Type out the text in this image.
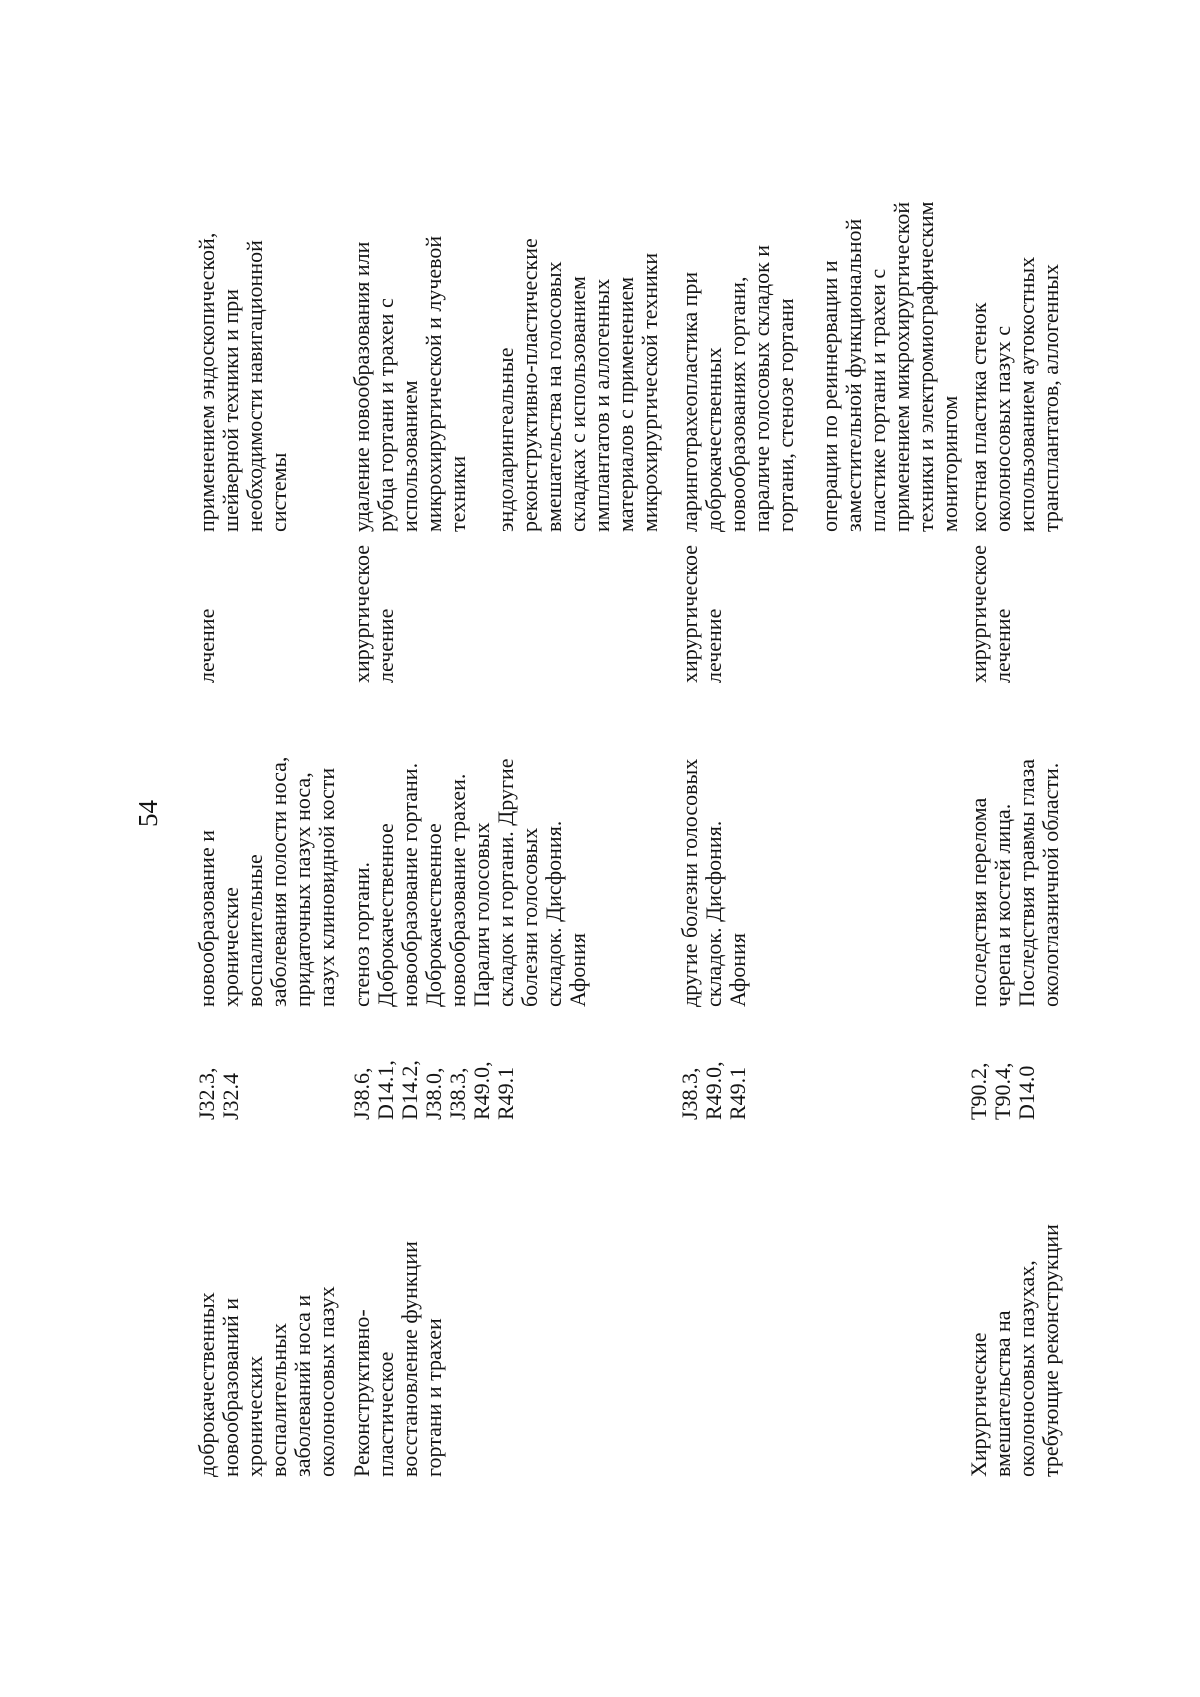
54
доброкачественных
новообразований и
хронических
воспалительных
заболеваний носа и
околоносовых пазух
J32.3,
J32.4
новообразование и
хронические
воспалительные
заболевания полости носа,
придаточных пазух носа,
пазух клиновидной кости
лечение
применением эндоскопической,
шейверной техники и при
необходимости навигационной
системы
Реконструктивно-
пластическое
восстановление функции
гортани и трахеи
J38.6,
D14.1,
D14.2,
J38.0,
J38.3,
R49.0,
R49.1
стеноз гортани.
Доброкачественное
новообразование гортани.
Доброкачественное
новообразование трахеи.
Паралич голосовых
складок и гортани. Другие
болезни голосовых
складок. Дисфония.
Афония
хирургическое
лечение
удаление новообразования или
рубца гортани и трахеи с
использованием
микрохирургической и лучевой
техники эндоларингеальные
реконструктивно-пластические
вмешательства на голосовых
складках с использованием
имплантатов и аллогенных
материалов с применением
микрохирургической техники
J38.3,
R49.0,
R49.1
другие болезни голосовых
складок. Дисфония.
Афония
хирургическое
лечение
ларинготрахеопластика при
доброкачественных
новообразованиях гортани,
параличе голосовых складок и
гортани, стенозе гортани
операции по реиннервации и
заместительной функциональной
пластике гортани и трахеи с
применением микрохирургической
техники и электромиографическим
мониторингом
Хирургические
вмешательства на
околоносовых пазухах,
требующие реконструкции
T90.2,
T90.4,
D14.0
последствия перелома
черепа и костей лица.
Последствия травмы глаза
окологлазничной области.
хирургическое
лечение
костная пластика стенок
околоносовых пазух с
использованием аутокостных
трансплантатов, аллогенных
